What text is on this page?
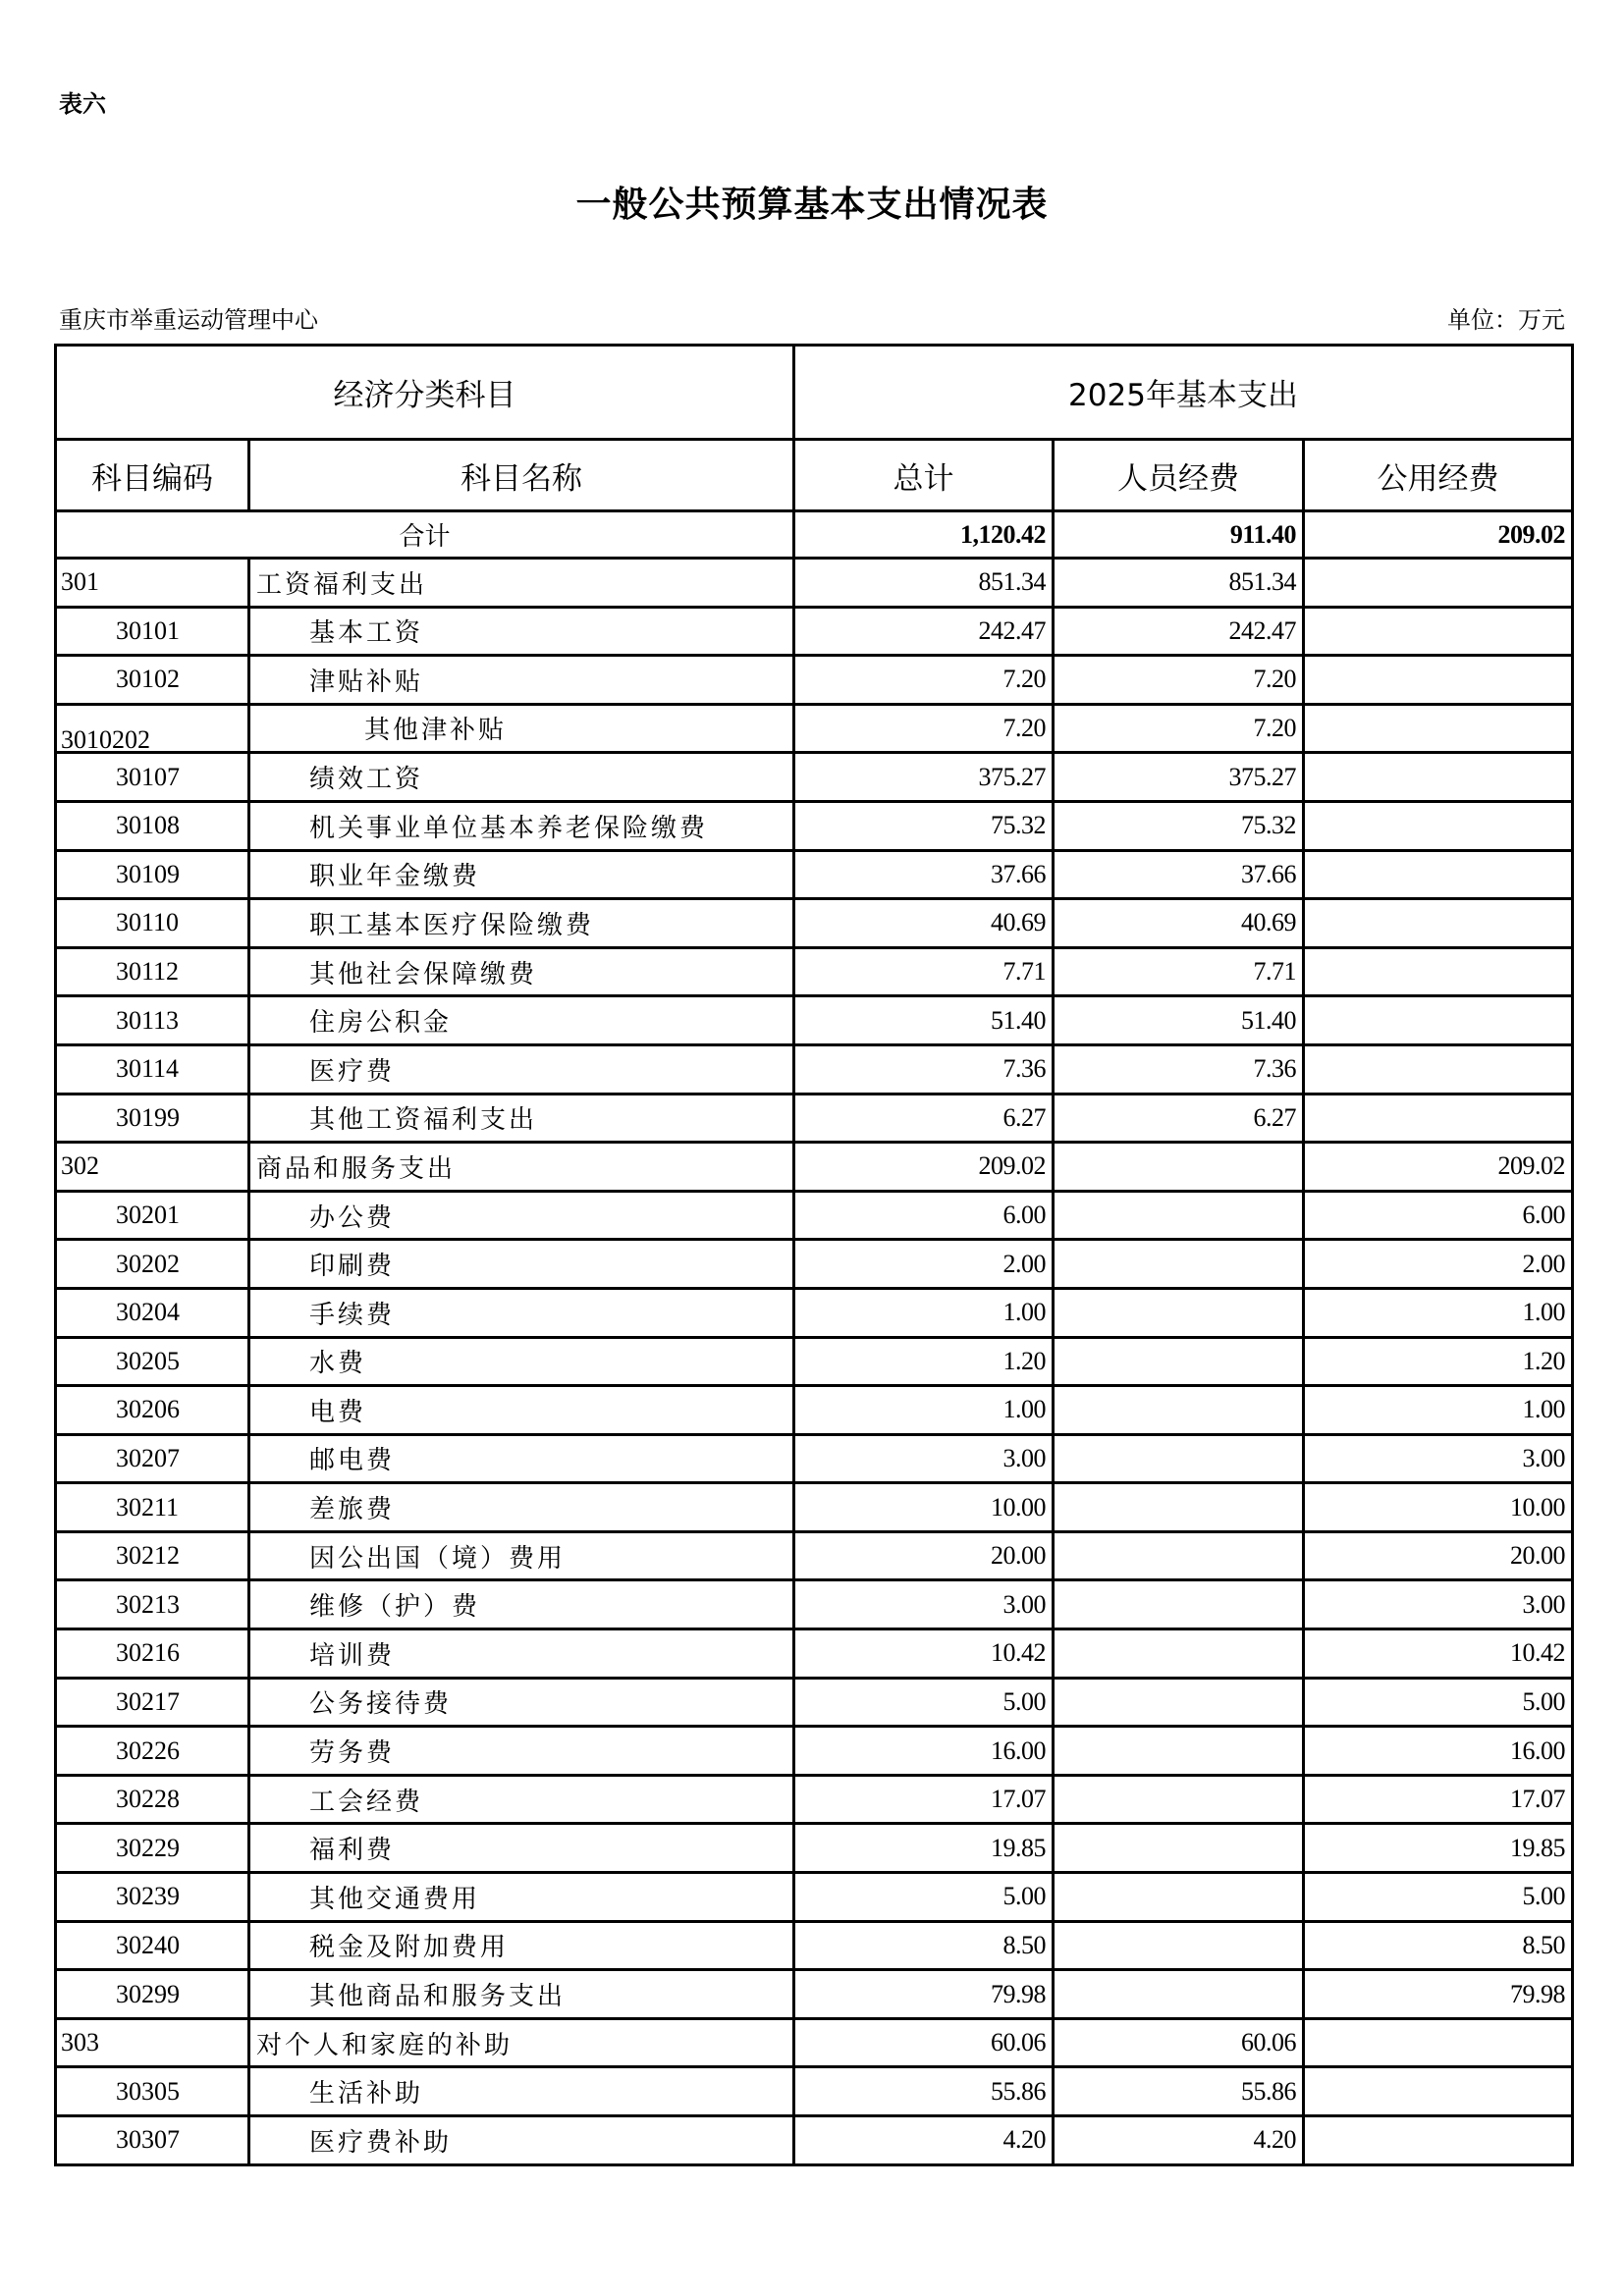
表六
一般公共预算基本支出情况表
重庆市举重运动管理中心	单位：万元
经济分类科目		2025年基本支出		
科目编码	科目名称	总计	人员经费	公用经费
合计		1,120.42	911.40	209.02
301	工资福利支出	851.34	851.34	
30101	基本工资	242.47	242.47	
30102	津贴补贴	7.20	7.20	
3010202	其他津补贴	7.20	7.20	
30107	绩效工资	375.27	375.27	
30108	机关事业单位基本养老保险缴费	75.32	75.32	
30109	职业年金缴费	37.66	37.66	
30110	职工基本医疗保险缴费	40.69	40.69	
30112	其他社会保障缴费	7.71	7.71	
30113	住房公积金	51.40	51.40	
30114	医疗费	7.36	7.36	
30199	其他工资福利支出	6.27	6.27	
302	商品和服务支出	209.02		209.02
30201	办公费	6.00		6.00
30202	印刷费	2.00		2.00
30204	手续费	1.00		1.00
30205	水费	1.20		1.20
30206	电费	1.00		1.00
30207	邮电费	3.00		3.00
30211	差旅费	10.00		10.00
30212	因公出国（境）费用	20.00		20.00
30213	维修（护）费	3.00		3.00
30216	培训费	10.42		10.42
30217	公务接待费	5.00		5.00
30226	劳务费	16.00		16.00
30228	工会经费	17.07		17.07
30229	福利费	19.85		19.85
30239	其他交通费用	5.00		5.00
30240	税金及附加费用	8.50		8.50
30299	其他商品和服务支出	79.98		79.98
303	对个人和家庭的补助	60.06	60.06	
30305	生活补助	55.86	55.86	
30307	医疗费补助	4.20	4.20	
